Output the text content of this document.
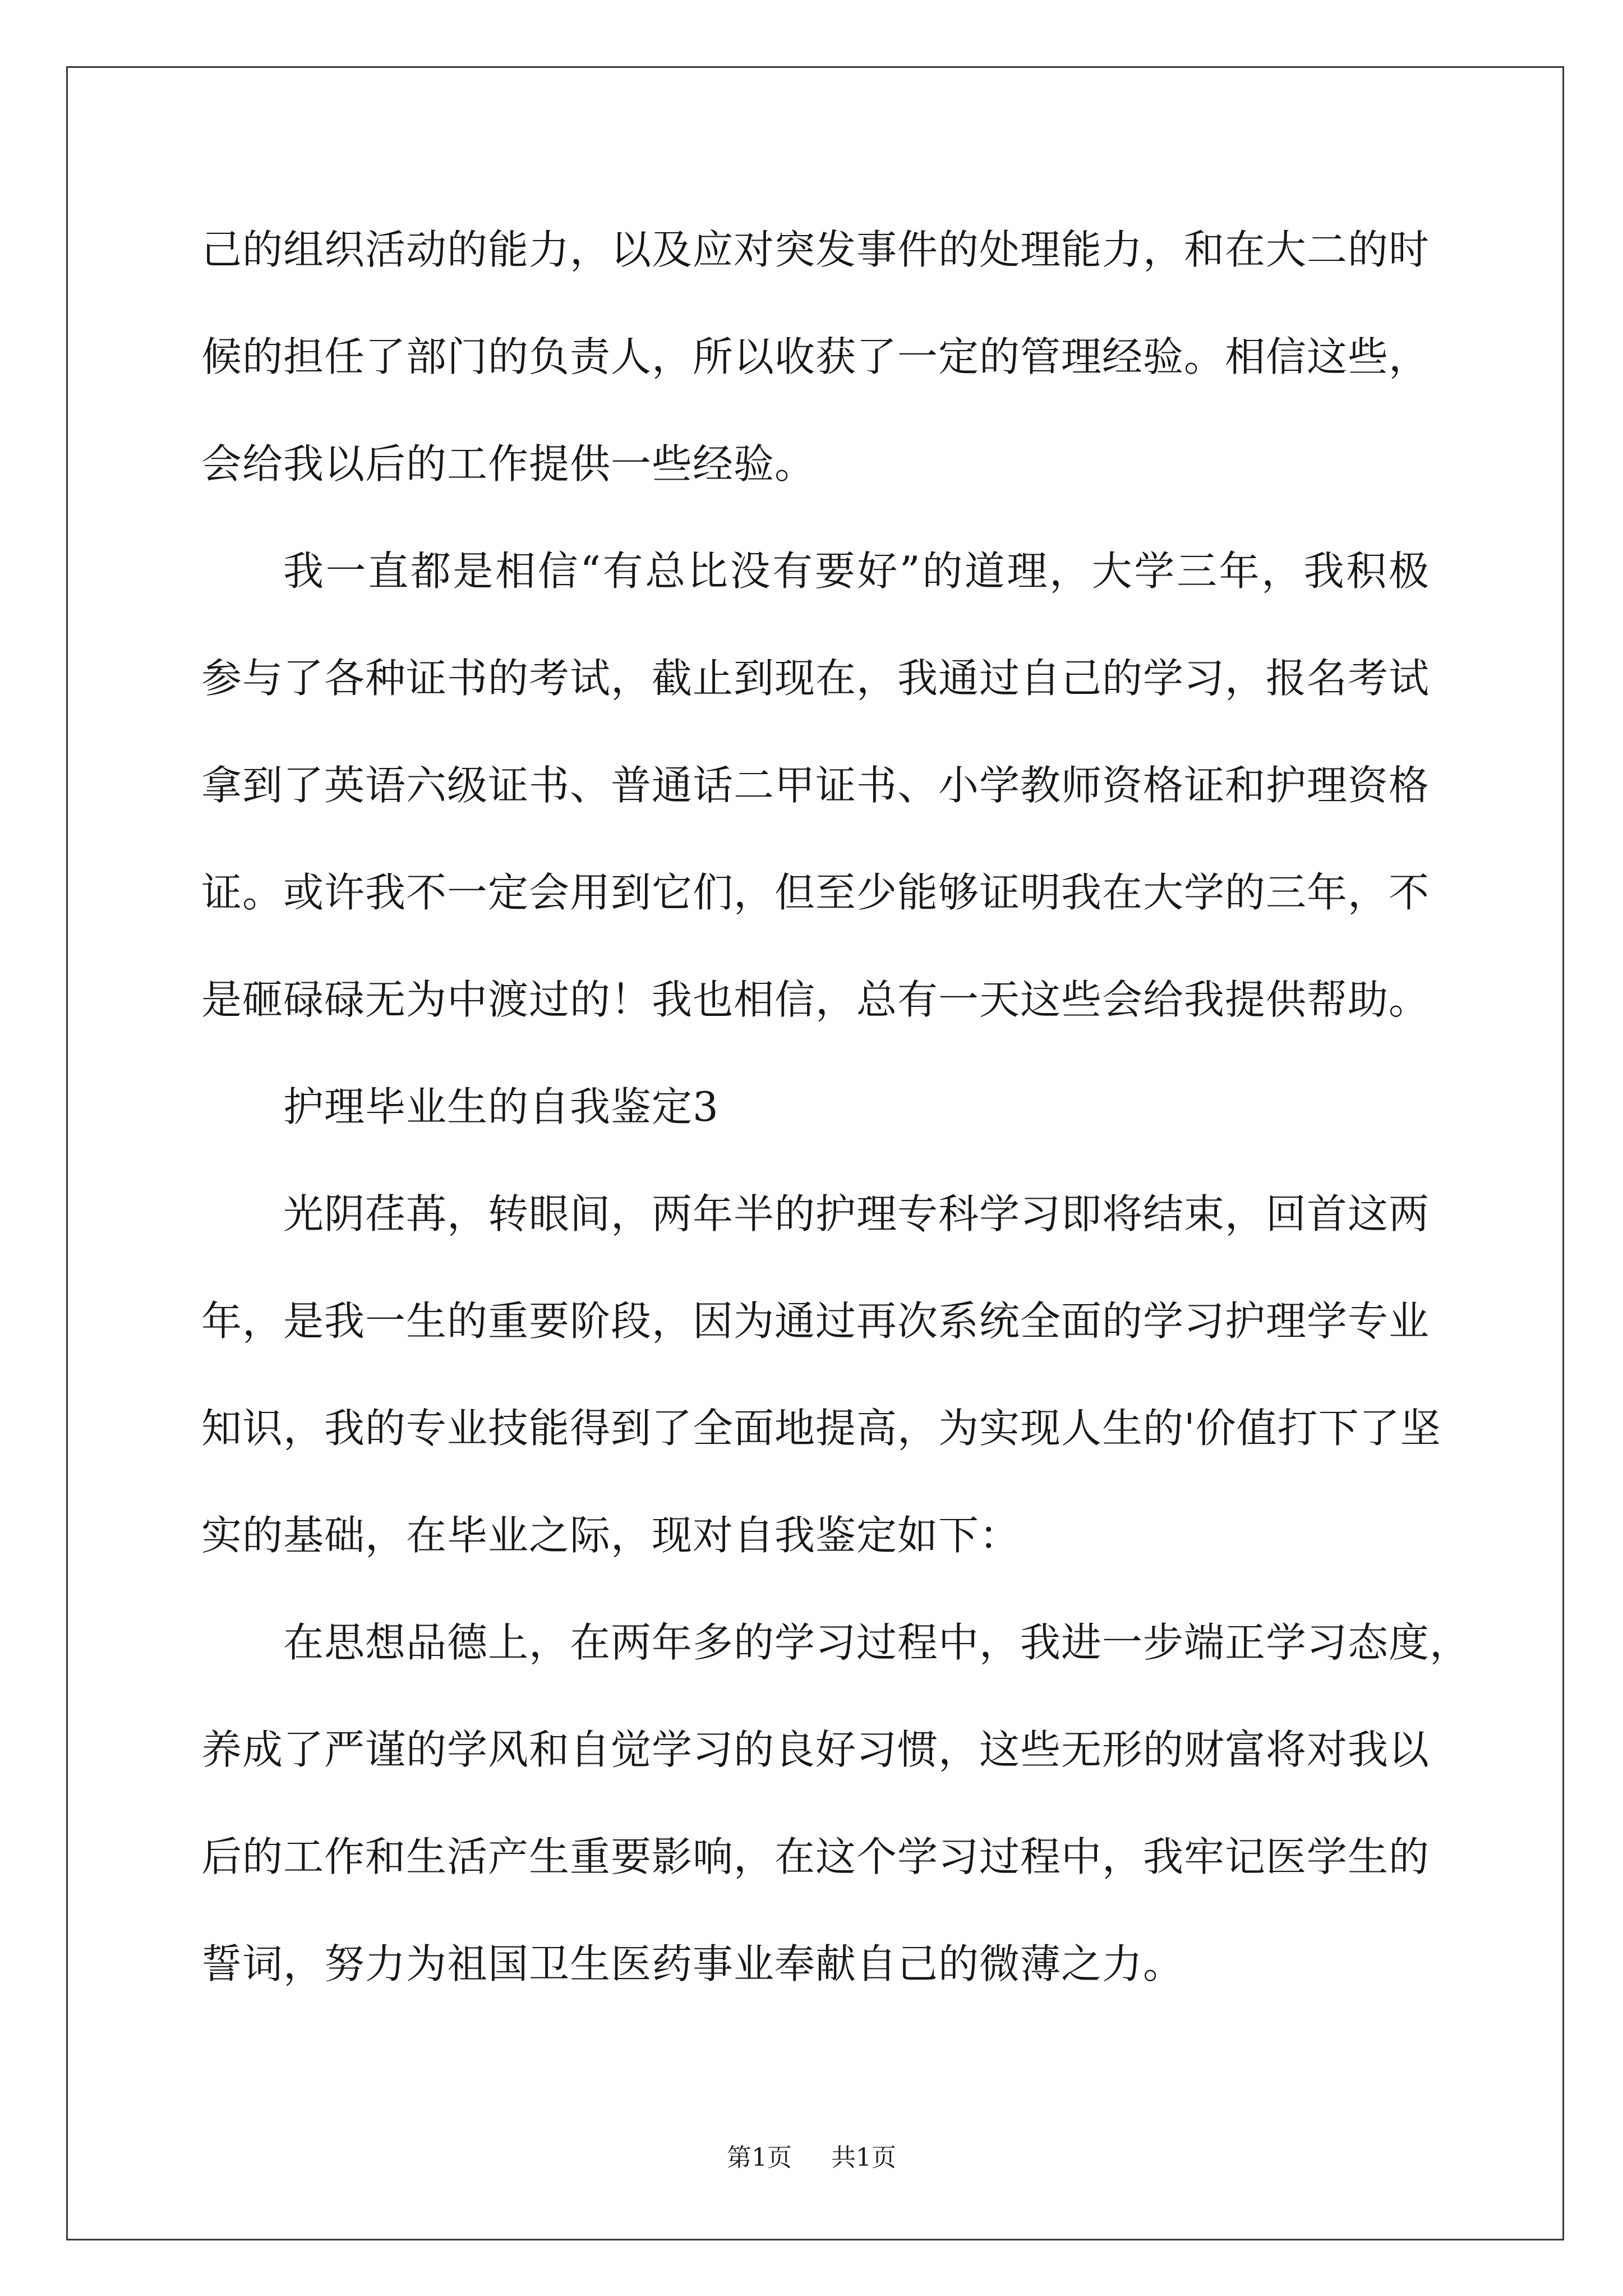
己的组织活动的能力，以及应对突发事件的处理能力，和在大二的时
候的担任了部门的负责人，所以收获了一定的管理经验。相信这些，
会给我以后的工作提供一些经验。
我一直都是相信“有总比没有要好”的道理，大学三年，我积极
参与了各种证书的考试，截止到现在，我通过自己的学习，报名考试
拿到了英语六级证书、普通话二甲证书、小学教师资格证和护理资格
证。或许我不一定会用到它们，但至少能够证明我在大学的三年，不
是砸碌碌无为中渡过的！我也相信，总有一天这些会给我提供帮助。
护理毕业生的自我鉴定3
光阴荏苒，转眼间，两年半的护理专科学习即将结束，回首这两
年，是我一生的重要阶段，因为通过再次系统全面的学习护理学专业
知识，我的专业技能得到了全面地提高，为实现人生的'价值打下了坚
实的基础，在毕业之际，现对自我鉴定如下：
在思想品德上，在两年多的学习过程中，我进一步端正学习态度，
养成了严谨的学风和自觉学习的良好习惯，这些无形的财富将对我以
后的工作和生活产生重要影响，在这个学习过程中，我牢记医学生的
誓词，努力为祖国卫生医药事业奉献自己的微薄之力。
第1页 共1页
